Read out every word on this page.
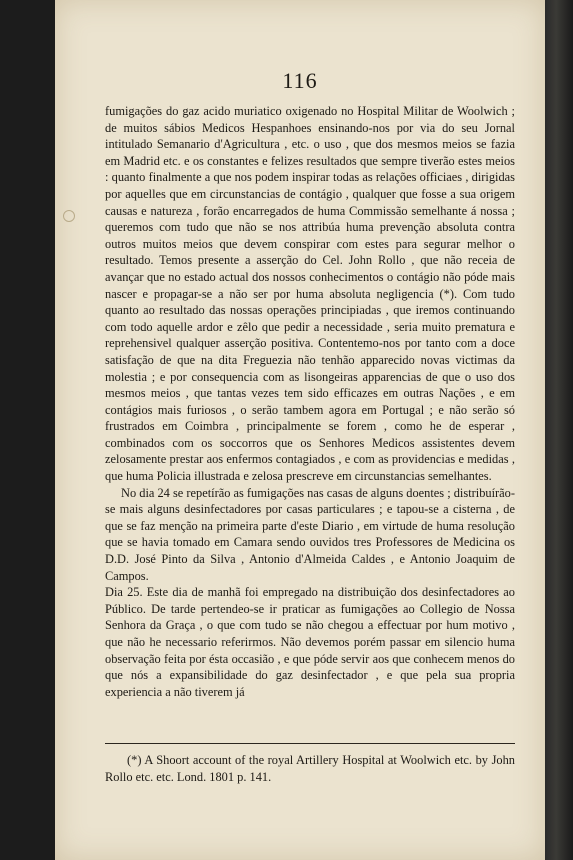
116

fumigações do gaz acido muriatico oxigenado no Hospital Militar de Woolwich ; de muitos sábios Medicos Hespanhoes ensinando-nos por via do seu Jornal intitulado Semanario d'Agricultura , etc. o uso , que dos mesmos meios se fazia em Madrid etc. e os constantes e felizes resultados que sempre tiverão estes meios : quanto finalmente a que nos podem inspirar todas as relações officiaes , dirigidas por aquelles que em circunstancias de contágio , qualquer que fosse a sua origem causas e natureza , forão encarregados de huma Commissão semelhante á nossa ; queremos com tudo que não se nos attribúa huma prevenção absoluta contra outros muitos meios que devem conspirar com estes para segurar melhor o resultado. Temos presente a asserção do Cel. John Rollo , que não receia de avançar que no estado actual dos nossos conhecimentos o contágio não póde mais nascer e propagar-se a não ser por huma absoluta negligencia (*). Com tudo quanto ao resultado das nossas operações principiadas , que iremos continuando com todo aquelle ardor e zêlo que pedir a necessidade , seria muito prematura e reprehensivel qualquer asserção positiva. Contentemo-nos por tanto com a doce satisfação de que na dita Freguezia não tenhão apparecido novas victimas da molestia ; e por consequencia com as lisongeiras apparencias de que o uso dos mesmos meios , que tantas vezes tem sido efficazes em outras Nações , e em contágios mais furiosos , o serão tambem agora em Portugal ; e não serão só frustrados em Coimbra , principalmente se forem , como he de esperar , combinados com os soccorros que os Senhores Medicos assistentes devem zelosamente prestar aos enfermos contagiados , e com as providencias e medidas , que huma Policia illustrada e zelosa prescreve em circunstancias semelhantes.

No dia 24 se repetírão as fumigações nas casas de alguns doentes ; distribuírão-se mais alguns desinfectadores por casas particulares ; e tapou-se a cisterna , de que se faz menção na primeira parte d'este Diario , em virtude de huma resolução que se havia tomado em Camara sendo ouvidos tres Professores de Medicina os D.D. José Pinto da Silva , Antonio d'Almeida Caldes , e Antonio Joaquim de Campos.

Dia 25. Este dia de manhã foi empregado na distribuição dos desinfectadores ao Público. De tarde pertendeo-se ir praticar as fumigações ao Collegio de Nossa Senhora da Graça , o que com tudo se não chegou a effectuar por hum motivo , que não he necessario referirmos. Não devemos porém passar em silencio huma observação feita por ésta occasião , e que póde servir aos que conhecem menos do que nós a expansibilidade do gaz desinfectador , e que pela sua propria experiencia a não tiverem já

(*) A Shoort account of the royal Artillery Hospital at Woolwich etc. by John Rollo etc. etc. Lond. 1801 p. 141.
